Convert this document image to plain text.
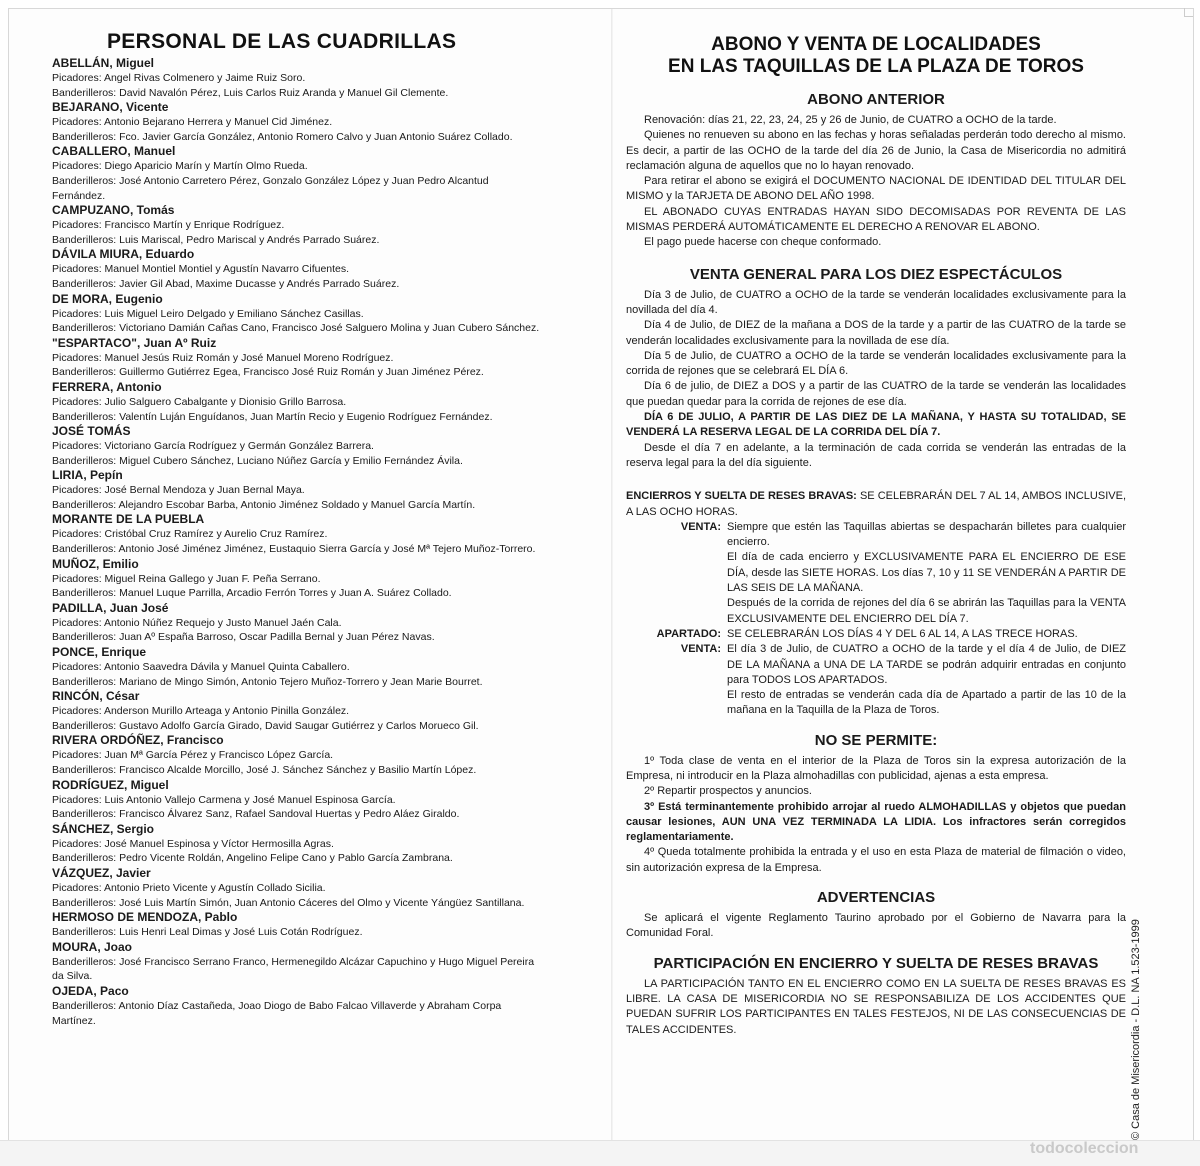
PERSONAL DE LAS CUADRILLAS
ABELLÁN, Miguel
Picadores: Angel Rivas Colmenero y Jaime Ruiz Soro.
Banderilleros: David Navalón Pérez, Luis Carlos Ruiz Aranda y Manuel Gil Clemente.
BEJARANO, Vicente
Picadores: Antonio Bejarano Herrera y Manuel Cid Jiménez.
Banderilleros: Fco. Javier García González, Antonio Romero Calvo y Juan Antonio Suárez Collado.
CABALLERO, Manuel
Picadores: Diego Aparicio Marín y Martín Olmo Rueda.
Banderilleros: José Antonio Carretero Pérez, Gonzalo González López y Juan Pedro Alcantud Fernández.
CAMPUZANO, Tomás
Picadores: Francisco Martín y Enrique Rodríguez.
Banderilleros: Luis Mariscal, Pedro Mariscal y Andrés Parrado Suárez.
DÁVILA MIURA, Eduardo
Picadores: Manuel Montiel Montiel y Agustín Navarro Cifuentes.
Banderilleros: Javier Gil Abad, Maxime Ducasse y Andrés Parrado Suárez.
DE MORA, Eugenio
Picadores: Luis Miguel Leiro Delgado y Emiliano Sánchez Casillas.
Banderilleros: Victoriano Damián Cañas Cano, Francisco José Salguero Molina y Juan Cubero Sánchez.
"ESPARTACO", Juan Aº Ruiz
Picadores: Manuel Jesús Ruiz Román y José Manuel Moreno Rodríguez.
Banderilleros: Guillermo Gutiérrez Egea, Francisco José Ruiz Román y Juan Jiménez Pérez.
FERRERA, Antonio
Picadores: Julio Salguero Cabalgante y Dionisio Grillo Barrosa.
Banderilleros: Valentín Luján Enguídanos, Juan Martín Recio y Eugenio Rodríguez Fernández.
JOSÉ TOMÁS
Picadores: Victoriano García Rodríguez y Germán González Barrera.
Banderilleros: Miguel Cubero Sánchez, Luciano Núñez García y Emilio Fernández Ávila.
LIRIA, Pepín
Picadores: José Bernal Mendoza y Juan Bernal Maya.
Banderilleros: Alejandro Escobar Barba, Antonio Jiménez Soldado y Manuel García Martín.
MORANTE DE LA PUEBLA
Picadores: Cristóbal Cruz Ramírez y Aurelio Cruz Ramírez.
Banderilleros: Antonio José Jiménez Jiménez, Eustaquio Sierra García y José Mª Tejero Muñoz-Torrero.
MUÑOZ, Emilio
Picadores: Miguel Reina Gallego y Juan F. Peña Serrano.
Banderilleros: Manuel Luque Parrilla, Arcadio Ferrón Torres y Juan A. Suárez Collado.
PADILLA, Juan José
Picadores: Antonio Núñez Requejo y Justo Manuel Jaén Cala.
Banderilleros: Juan Aº España Barroso, Oscar Padilla Bernal y Juan Pérez Navas.
PONCE, Enrique
Picadores: Antonio Saavedra Dávila y Manuel Quinta Caballero.
Banderilleros: Mariano de Mingo Simón, Antonio Tejero Muñoz-Torrero y Jean Marie Bourret.
RINCÓN, César
Picadores: Anderson Murillo Arteaga y Antonio Pinilla González.
Banderilleros: Gustavo Adolfo García Girado, David Saugar Gutiérrez y Carlos Morueco Gil.
RIVERA ORDÓÑEZ, Francisco
Picadores: Juan Mª García Pérez y Francisco López García.
Banderilleros: Francisco Alcalde Morcillo, José J. Sánchez Sánchez y Basilio Martín López.
RODRÍGUEZ, Miguel
Picadores: Luis Antonio Vallejo Carmena y José Manuel Espinosa García.
Banderilleros: Francisco Álvarez Sanz, Rafael Sandoval Huertas y Pedro Aláez Giraldo.
SÁNCHEZ, Sergio
Picadores: José Manuel Espinosa y Víctor Hermosilla Agras.
Banderilleros: Pedro Vicente Roldán, Angelino Felipe Cano y Pablo García Zambrana.
VÁZQUEZ, Javier
Picadores: Antonio Prieto Vicente y Agustín Collado Sicilia.
Banderilleros: José Luis Martín Simón, Juan Antonio Cáceres del Olmo y Vicente Yángüez Santillana.
HERMOSO DE MENDOZA, Pablo
Banderilleros: Luis Henri Leal Dimas y José Luis Cotán Rodríguez.
MOURA, Joao
Banderilleros: José Francisco Serrano Franco, Hermenegildo Alcázar Capuchino y Hugo Miguel Pereira da Silva.
OJEDA, Paco
Banderilleros: Antonio Díaz Castañeda, Joao Diogo de Babo Falcao Villaverde y Abraham Corpa Martínez.
ABONO Y VENTA DE LOCALIDADES
EN LAS TAQUILLAS DE LA PLAZA DE TOROS
ABONO ANTERIOR

Renovación: días 21, 22, 23, 24, 25 y 26 de Junio, de CUATRO a OCHO de la tarde.

Quienes no renueven su abono en las fechas y horas señaladas perderán todo derecho al mismo. Es decir, a partir de las OCHO de la tarde del día 26 de Junio, la Casa de Misericordia no admitirá reclamación alguna de aquellos que no lo hayan renovado.

Para retirar el abono se exigirá el DOCUMENTO NACIONAL DE IDENTIDAD DEL TITULAR DEL MISMO y la TARJETA DE ABONO DEL AÑO 1998.

EL ABONADO CUYAS ENTRADAS HAYAN SIDO DECOMISADAS POR REVENTA DE LAS MISMAS PERDERÁ AUTOMÁTICAMENTE EL DERECHO A RENOVAR EL ABONO.

El pago puede hacerse con cheque conformado.

VENTA GENERAL PARA LOS DIEZ ESPECTÁCULOS

Día 3 de Julio, de CUATRO a OCHO de la tarde se venderán localidades exclusivamente para la novillada del día 4.

Día 4 de Julio, de DIEZ de la mañana a DOS de la tarde y a partir de las CUATRO de la tarde se venderán localidades exclusivamente para la novillada de ese día.

Día 5 de Julio, de CUATRO a OCHO de la tarde se venderán localidades exclusivamente para la corrida de rejones que se celebrará EL DÍA 6.

Día 6 de julio, de DIEZ a DOS y a partir de las CUATRO de la tarde se venderán las localidades que puedan quedar para la corrida de rejones de ese día.

DÍA 6 DE JULIO, A PARTIR DE LAS DIEZ DE LA MAÑANA, Y HASTA SU TOTALIDAD, SE VENDERÁ LA RESERVA LEGAL DE LA CORRIDA DEL DÍA 7.

Desde el día 7 en adelante, a la terminación de cada corrida se venderán las entradas de la reserva legal para la del día siguiente.

ENCIERROS Y SUELTA DE RESES BRAVAS: SE CELEBRARÁN DEL 7 AL 14, AMBOS INCLUSIVE, A LAS OCHO HORAS.

VENTA: Siempre que estén las Taquillas abiertas se despacharán billetes para cualquier encierro.
El día de cada encierro y EXCLUSIVAMENTE PARA EL ENCIERRO DE ESE DÍA, desde las SIETE HORAS. Los días 7, 10 y 11 SE VENDERÁN A PARTIR DE LAS SEIS DE LA MAÑANA.
Después de la corrida de rejones del día 6 se abrirán las Taquillas para la VENTA EXCLUSIVAMENTE DEL ENCIERRO DEL DÍA 7.
APARTADO: SE CELEBRARÁN LOS DÍAS 4 Y DEL 6 AL 14, A LAS TRECE HORAS.
VENTA: El día 3 de Julio, de CUATRO a OCHO de la tarde y el día 4 de Julio, de DIEZ DE LA MAÑANA a UNA DE LA TARDE se podrán adquirir entradas en conjunto para TODOS LOS APARTADOS.
El resto de entradas se venderán cada día de Apartado a partir de las 10 de la mañana en la Taquilla de la Plaza de Toros.
NO SE PERMITE:

1º Toda clase de venta en el interior de la Plaza de Toros sin la expresa autorización de la Empresa, ni introducir en la Plaza almohadillas con publicidad, ajenas a esta empresa.

2º Repartir prospectos y anuncios.

3º Está terminantemente prohibido arrojar al ruedo ALMOHADILLAS y objetos que puedan causar lesiones, AUN UNA VEZ TERMINADA LA LIDIA. Los infractores serán corregidos reglamentariamente.

4º Queda totalmente prohibida la entrada y el uso en esta Plaza de material de filmación o video, sin autorización expresa de la Empresa.

ADVERTENCIAS

Se aplicará el vigente Reglamento Taurino aprobado por el Gobierno de Navarra para la Comunidad Foral.

PARTICIPACIÓN EN ENCIERRO Y SUELTA DE RESES BRAVAS

LA PARTICIPACIÓN TANTO EN EL ENCIERRO COMO EN LA SUELTA DE RESES BRAVAS ES LIBRE. LA CASA DE MISERICORDIA NO SE RESPONSABILIZA DE LOS ACCIDENTES QUE PUEDAN SUFRIR LOS PARTICIPANTES EN TALES FESTEJOS, NI DE LAS CONSECUENCIAS DE TALES ACCIDENTES.	© Casa de Misericordia - D.L. NA 1.523-1999
todocoleccion
